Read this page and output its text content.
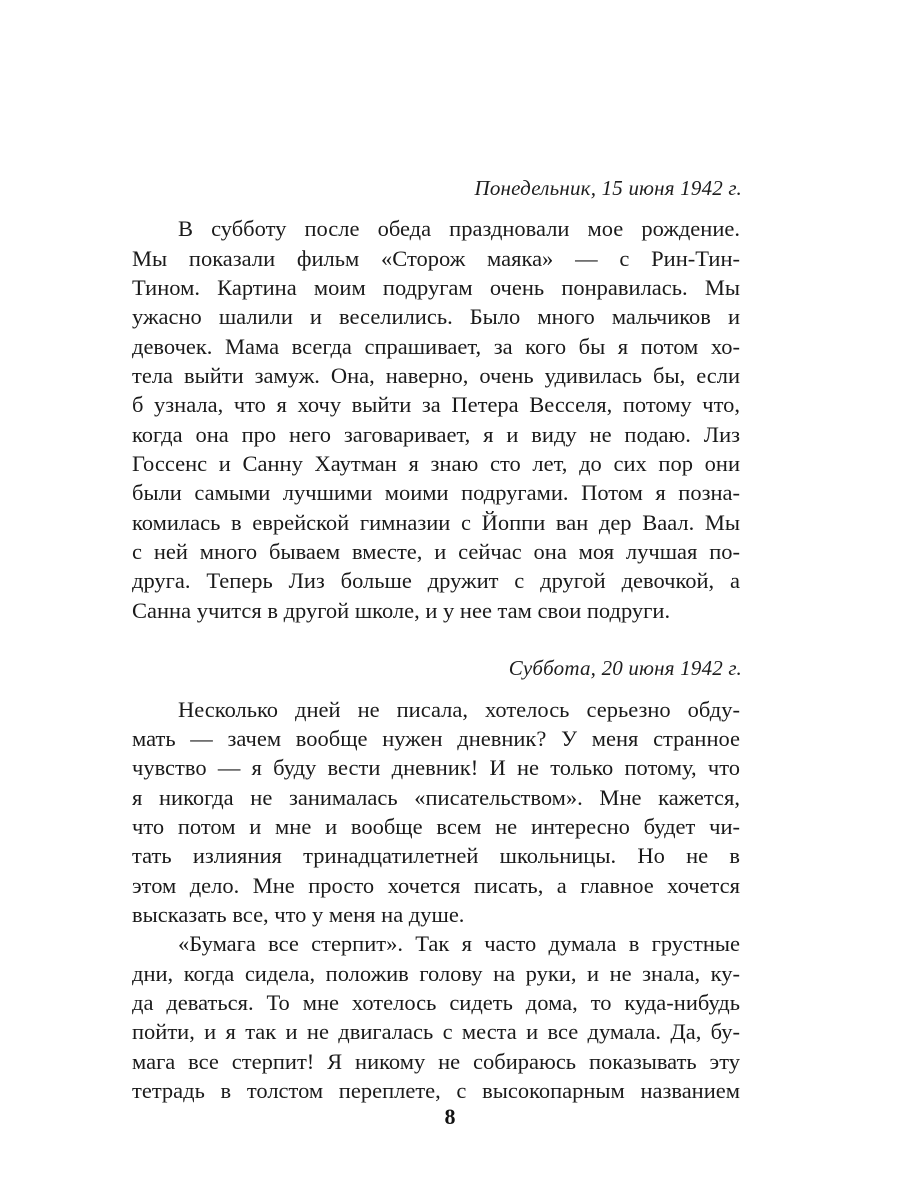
Понедельник, 15 июня 1942 г.
В субботу после обеда праздновали мое рождение.
Мы показали фильм «Сторож маяка» — с Рин-Тин-
Тином. Картина моим подругам очень понравилась. Мы
ужасно шалили и веселились. Было много мальчиков и
девочек. Мама всегда спрашивает, за кого бы я потом хо-
тела выйти замуж. Она, наверно, очень удивилась бы, если
б узнала, что я хочу выйти за Петера Весселя, потому что,
когда она про него заговаривает, я и виду не подаю. Лиз
Госсенс и Санну Хаутман я знаю сто лет, до сих пор они
были самыми лучшими моими подругами. Потом я позна-
комилась в еврейской гимназии с Йоппи ван дер Ваал. Мы
с ней много бываем вместе, и сейчас она моя лучшая по-
друга. Теперь Лиз больше дружит с другой девочкой, а
Санна учится в другой школе, и у нее там свои подруги.
Суббота, 20 июня 1942 г.
Несколько дней не писала, хотелось серьезно обду-
мать — зачем вообще нужен дневник? У меня странное
чувство — я буду вести дневник! И не только потому, что
я никогда не занималась «писательством». Мне кажется,
что потом и мне и вообще всем не интересно будет чи-
тать излияния тринадцатилетней школьницы. Но не в
этом дело. Мне просто хочется писать, а главное хочется
высказать все, что у меня на душе.
«Бумага все стерпит». Так я часто думала в грустные
дни, когда сидела, положив голову на руки, и не знала, ку-
да деваться. То мне хотелось сидеть дома, то куда-нибудь
пойти, и я так и не двигалась с места и все думала. Да, бу-
мага все стерпит! Я никому не собираюсь показывать эту
тетрадь в толстом переплете, с высокопарным названием
8
